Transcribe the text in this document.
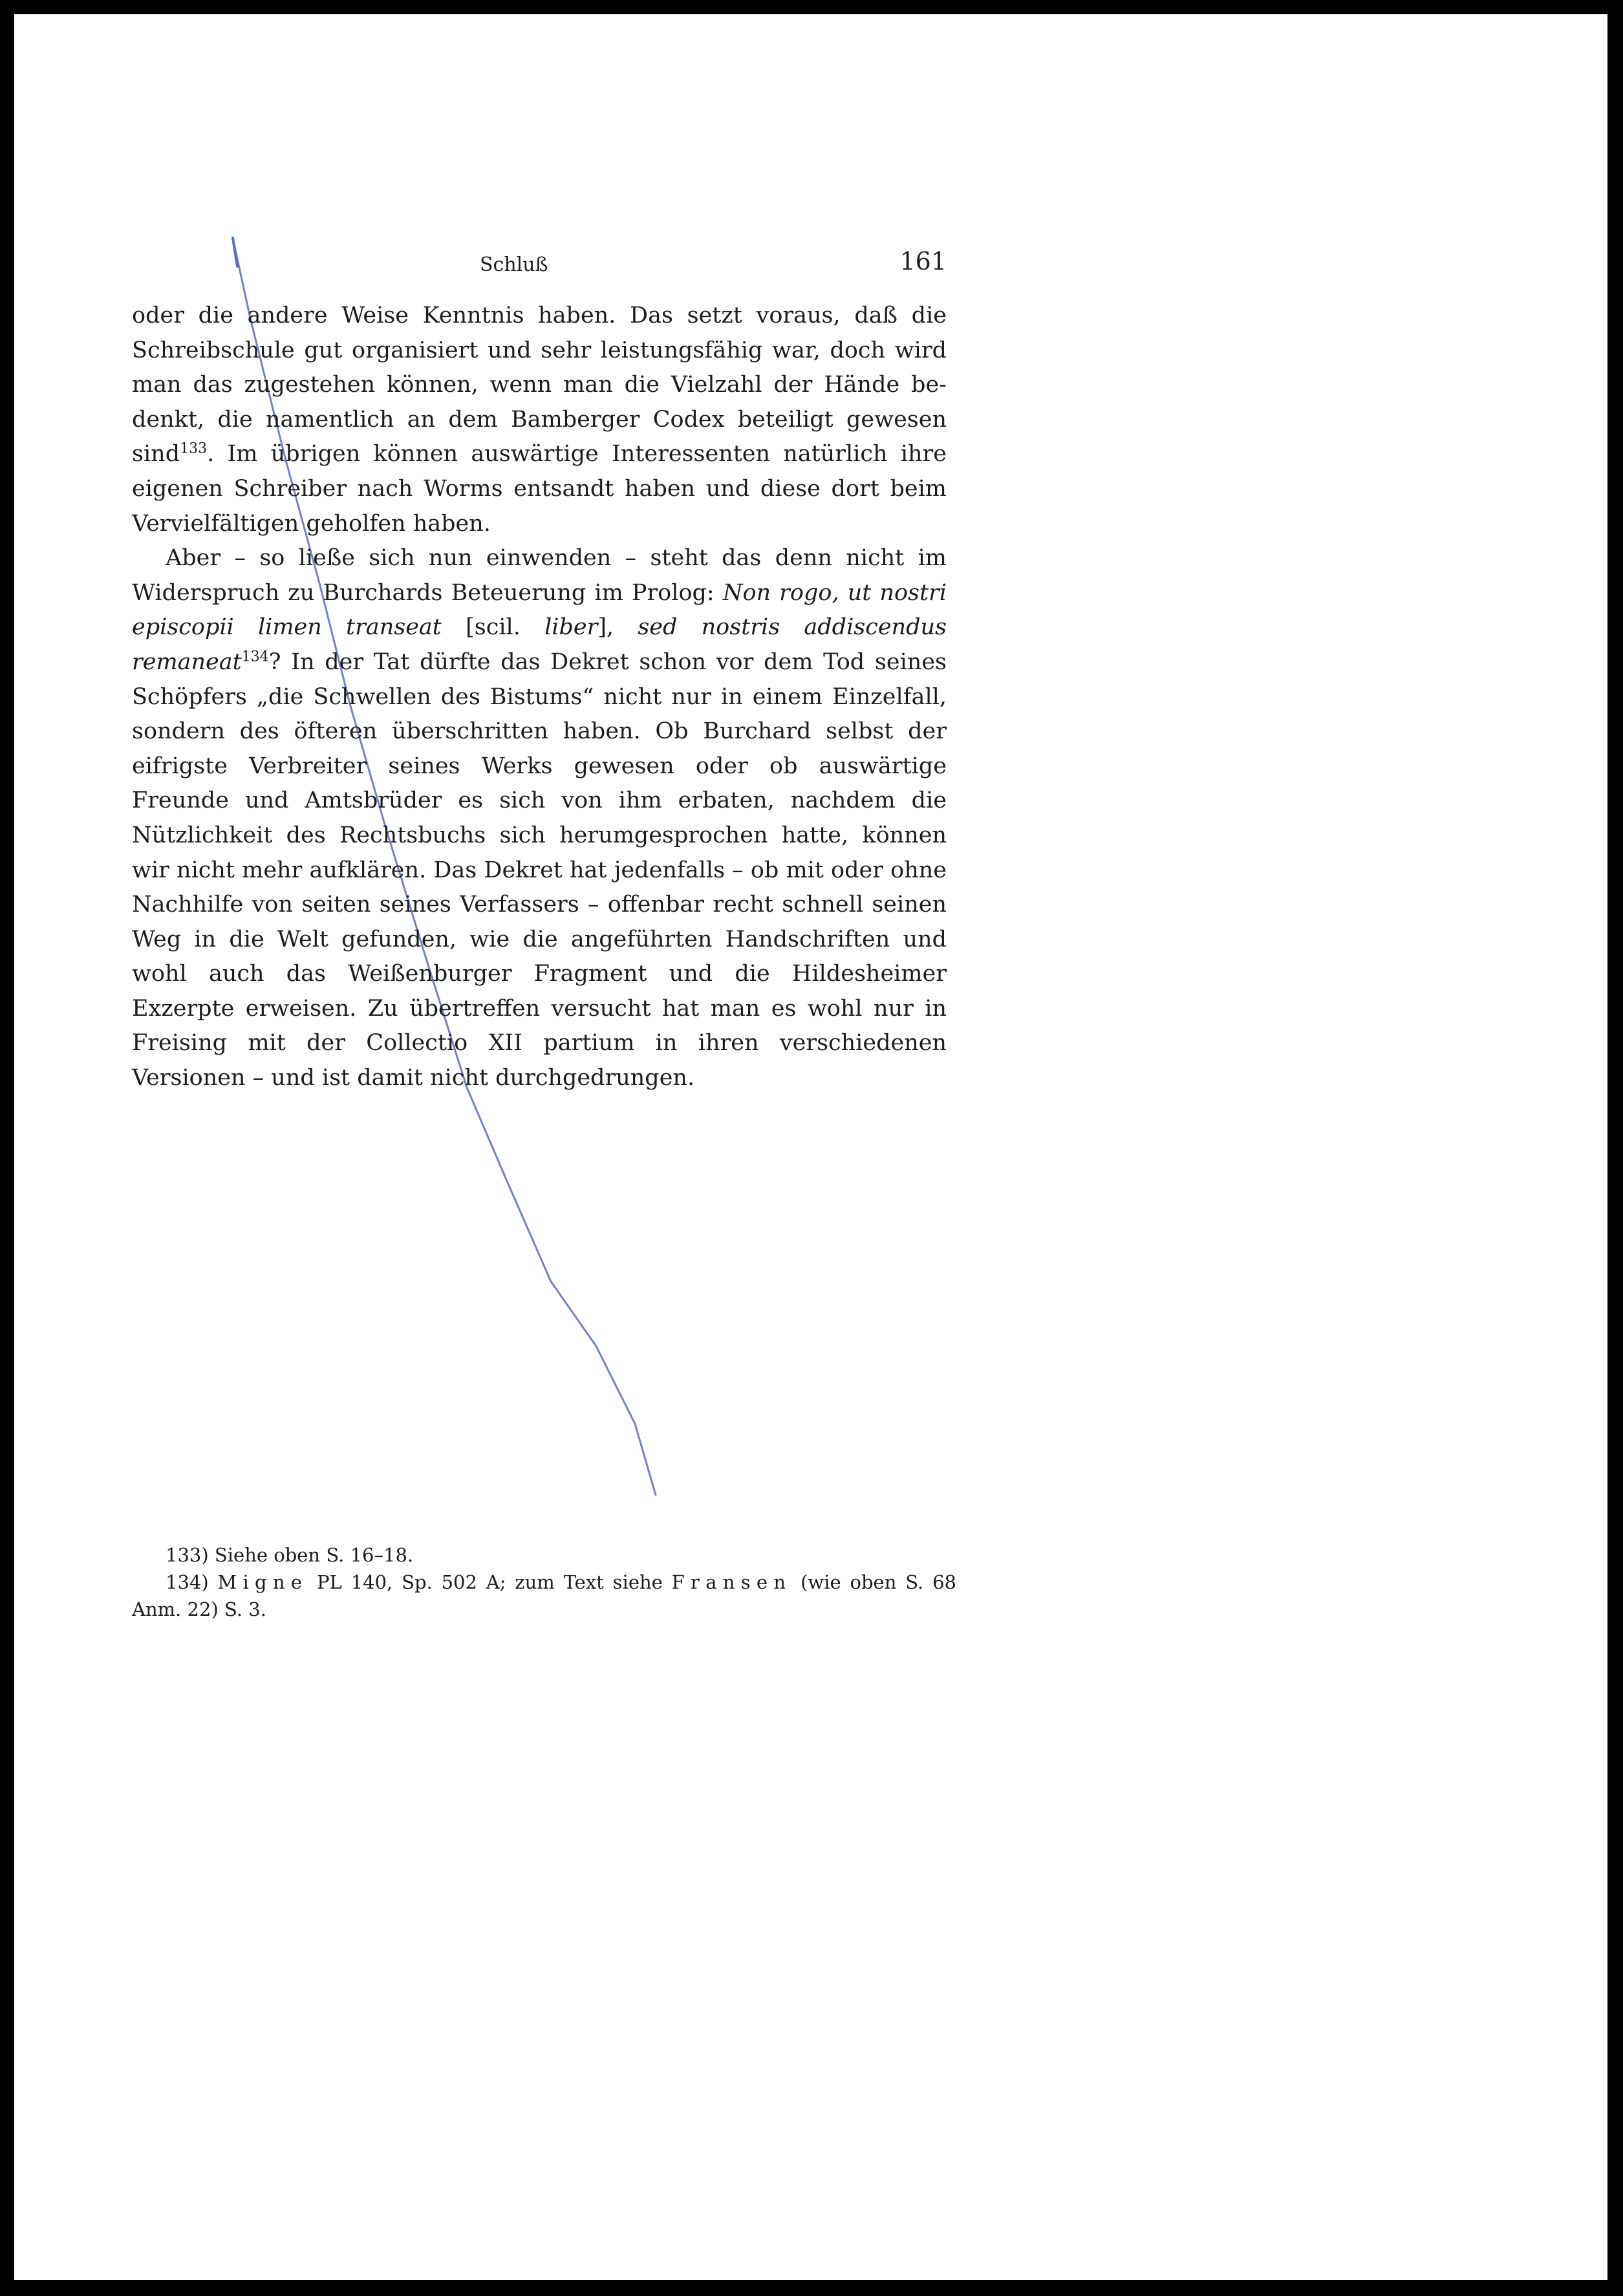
Schluß	161

oder die andere Weise Kenntnis haben. Das setzt voraus, daß die Schreibschule gut organisiert und sehr leistungsfähig war, doch wird man das zugestehen können, wenn man die Vielzahl der Hände bedenkt, die namentlich an dem Bamberger Codex beteiligt gewesen sind$^{133}$. Im übrigen können auswärtige Interessenten natürlich ihre eigenen Schreiber nach Worms entsandt haben und diese dort beim Vervielfältigen geholfen haben.

Aber – so ließe sich nun einwenden – steht das denn nicht im Widerspruch zu Burchards Beteuerung im Prolog: Non rogo, ut nostri episcopii limen transeat [scil. liber], sed nostris addiscendus remaneat$^{134}$? In der Tat dürfte das Dekret schon vor dem Tod seines Schöpfers „die Schwellen des Bistums“ nicht nur in einem Einzelfall, sondern des öfteren überschritten haben. Ob Burchard selbst der eifrigste Verbreiter seines Werks gewesen oder ob auswärtige Freunde und Amtsbrüder es sich von ihm erbaten, nachdem die Nützlichkeit des Rechtsbuchs sich herumgesprochen hatte, können wir nicht mehr aufklären. Das Dekret hat jedenfalls – ob mit oder ohne Nachhilfe von seiten seines Verfassers – offenbar recht schnell seinen Weg in die Welt gefunden, wie die angeführten Handschriften und wohl auch das Weißenburger Fragment und die Hildesheimer Exzerpte erweisen. Zu übertreffen versucht hat man es wohl nur in Freising mit der Collectio XII partium in ihren verschiedenen Versionen – und ist damit nicht durchgedrungen.

133) Siehe oben S. 16–18.

134) Migne PL 140, Sp. 502 A; zum Text siehe Fransen (wie oben S. 68 Anm. 22) S. 3.
